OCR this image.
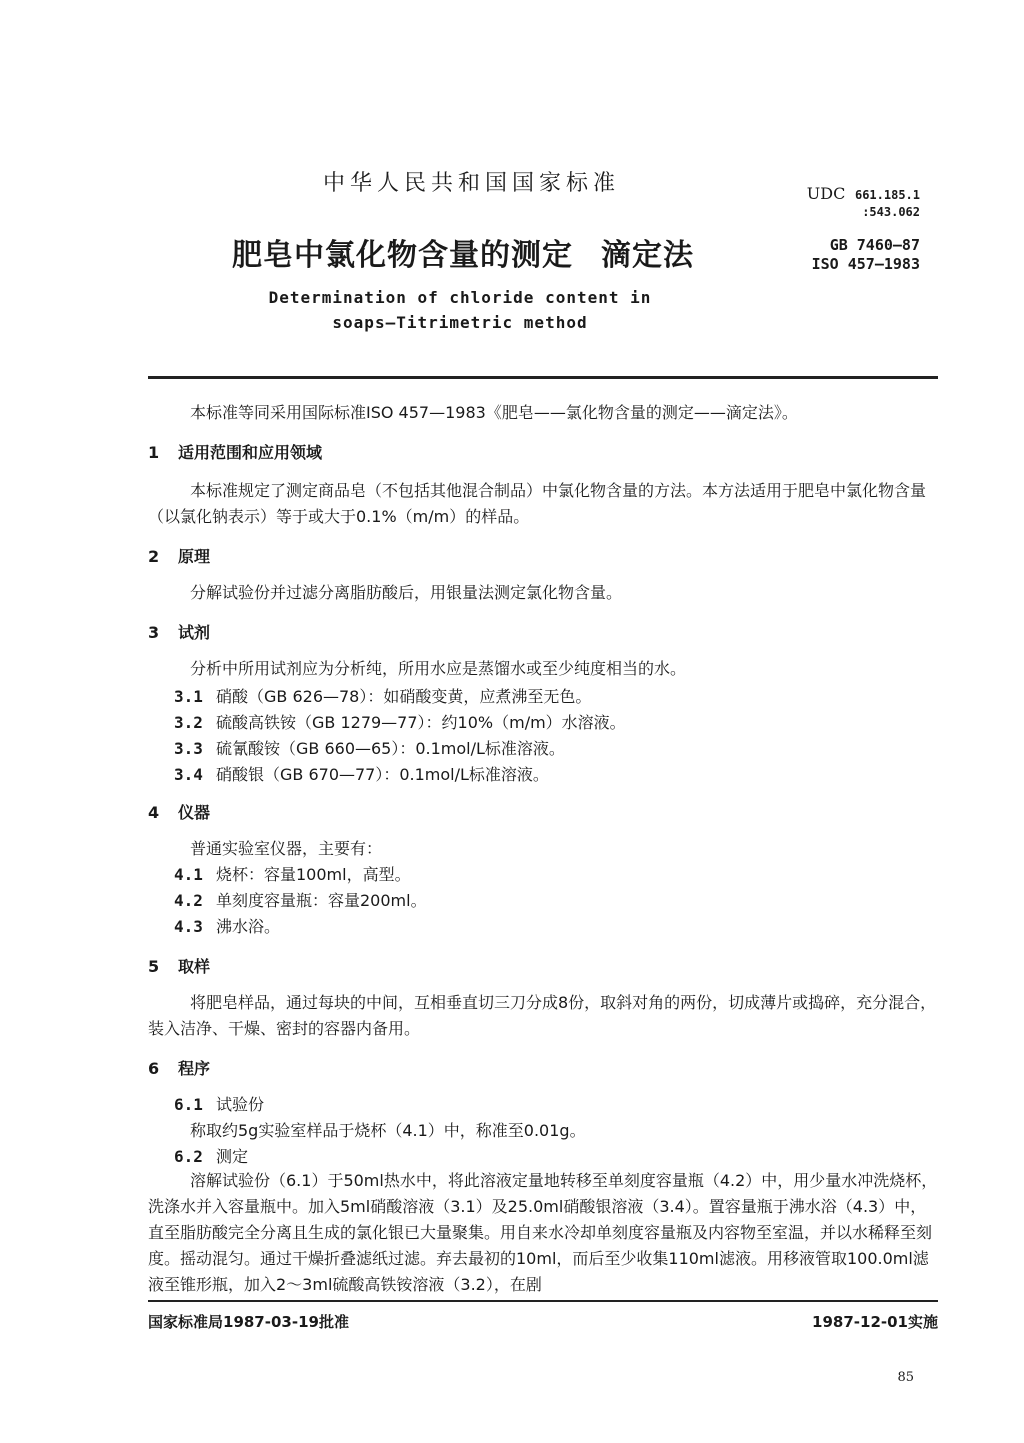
中华人民共和国国家标准
肥皂中氯化物含量的测定 滴定法
Determination of chloride content in
soaps—Titrimetric method
UDC 661.185.1
:543.062
GB 7460—87
ISO 457—1983
本标准等同采用国际标准ISO 457—1983《肥皂——氯化物含量的测定——滴定法》。
1 适用范围和应用领域
本标准规定了测定商品皂（不包括其他混合制品）中氯化物含量的方法。本方法适用于肥皂中氯化物含量（以氯化钠表示）等于或大于0.1%（m/m）的样品。
2 原理
分解试验份并过滤分离脂肪酸后，用银量法测定氯化物含量。
3 试剂
分析中所用试剂应为分析纯，所用水应是蒸馏水或至少纯度相当的水。
3.1 硝酸（GB 626—78）：如硝酸变黄，应煮沸至无色。
3.2 硫酸高铁铵（GB 1279—77）：约10%（m/m）水溶液。
3.3 硫氰酸铵（GB 660—65）：0.1mol/L标准溶液。
3.4 硝酸银（GB 670—77）：0.1mol/L标准溶液。
4 仪器
普通实验室仪器，主要有：
4.1 烧杯：容量100ml，高型。
4.2 单刻度容量瓶：容量200ml。
4.3 沸水浴。
5 取样
将肥皂样品，通过每块的中间，互相垂直切三刀分成8份，取斜对角的两份，切成薄片或捣碎，充分混合，装入洁净、干燥、密封的容器内备用。
6 程序
6.1 试验份
称取约5g实验室样品于烧杯（4.1）中，称准至0.01g。
6.2 测定
溶解试验份（6.1）于50ml热水中，将此溶液定量地转移至单刻度容量瓶（4.2）中，用少量水冲洗烧杯，洗涤水并入容量瓶中。加入5ml硝酸溶液（3.1）及25.0ml硝酸银溶液（3.4）。置容量瓶于沸水浴（4.3）中，直至脂肪酸完全分离且生成的氯化银已大量聚集。用自来水冷却单刻度容量瓶及内容物至室温，并以水稀释至刻度。摇动混匀。通过干燥折叠滤纸过滤。弃去最初的10ml，而后至少收集110ml滤液。用移液管取100.0ml滤液至锥形瓶，加入2～3ml硫酸高铁铵溶液（3.2），在剧
国家标准局1987-03-19批准	1987-12-01实施
85
